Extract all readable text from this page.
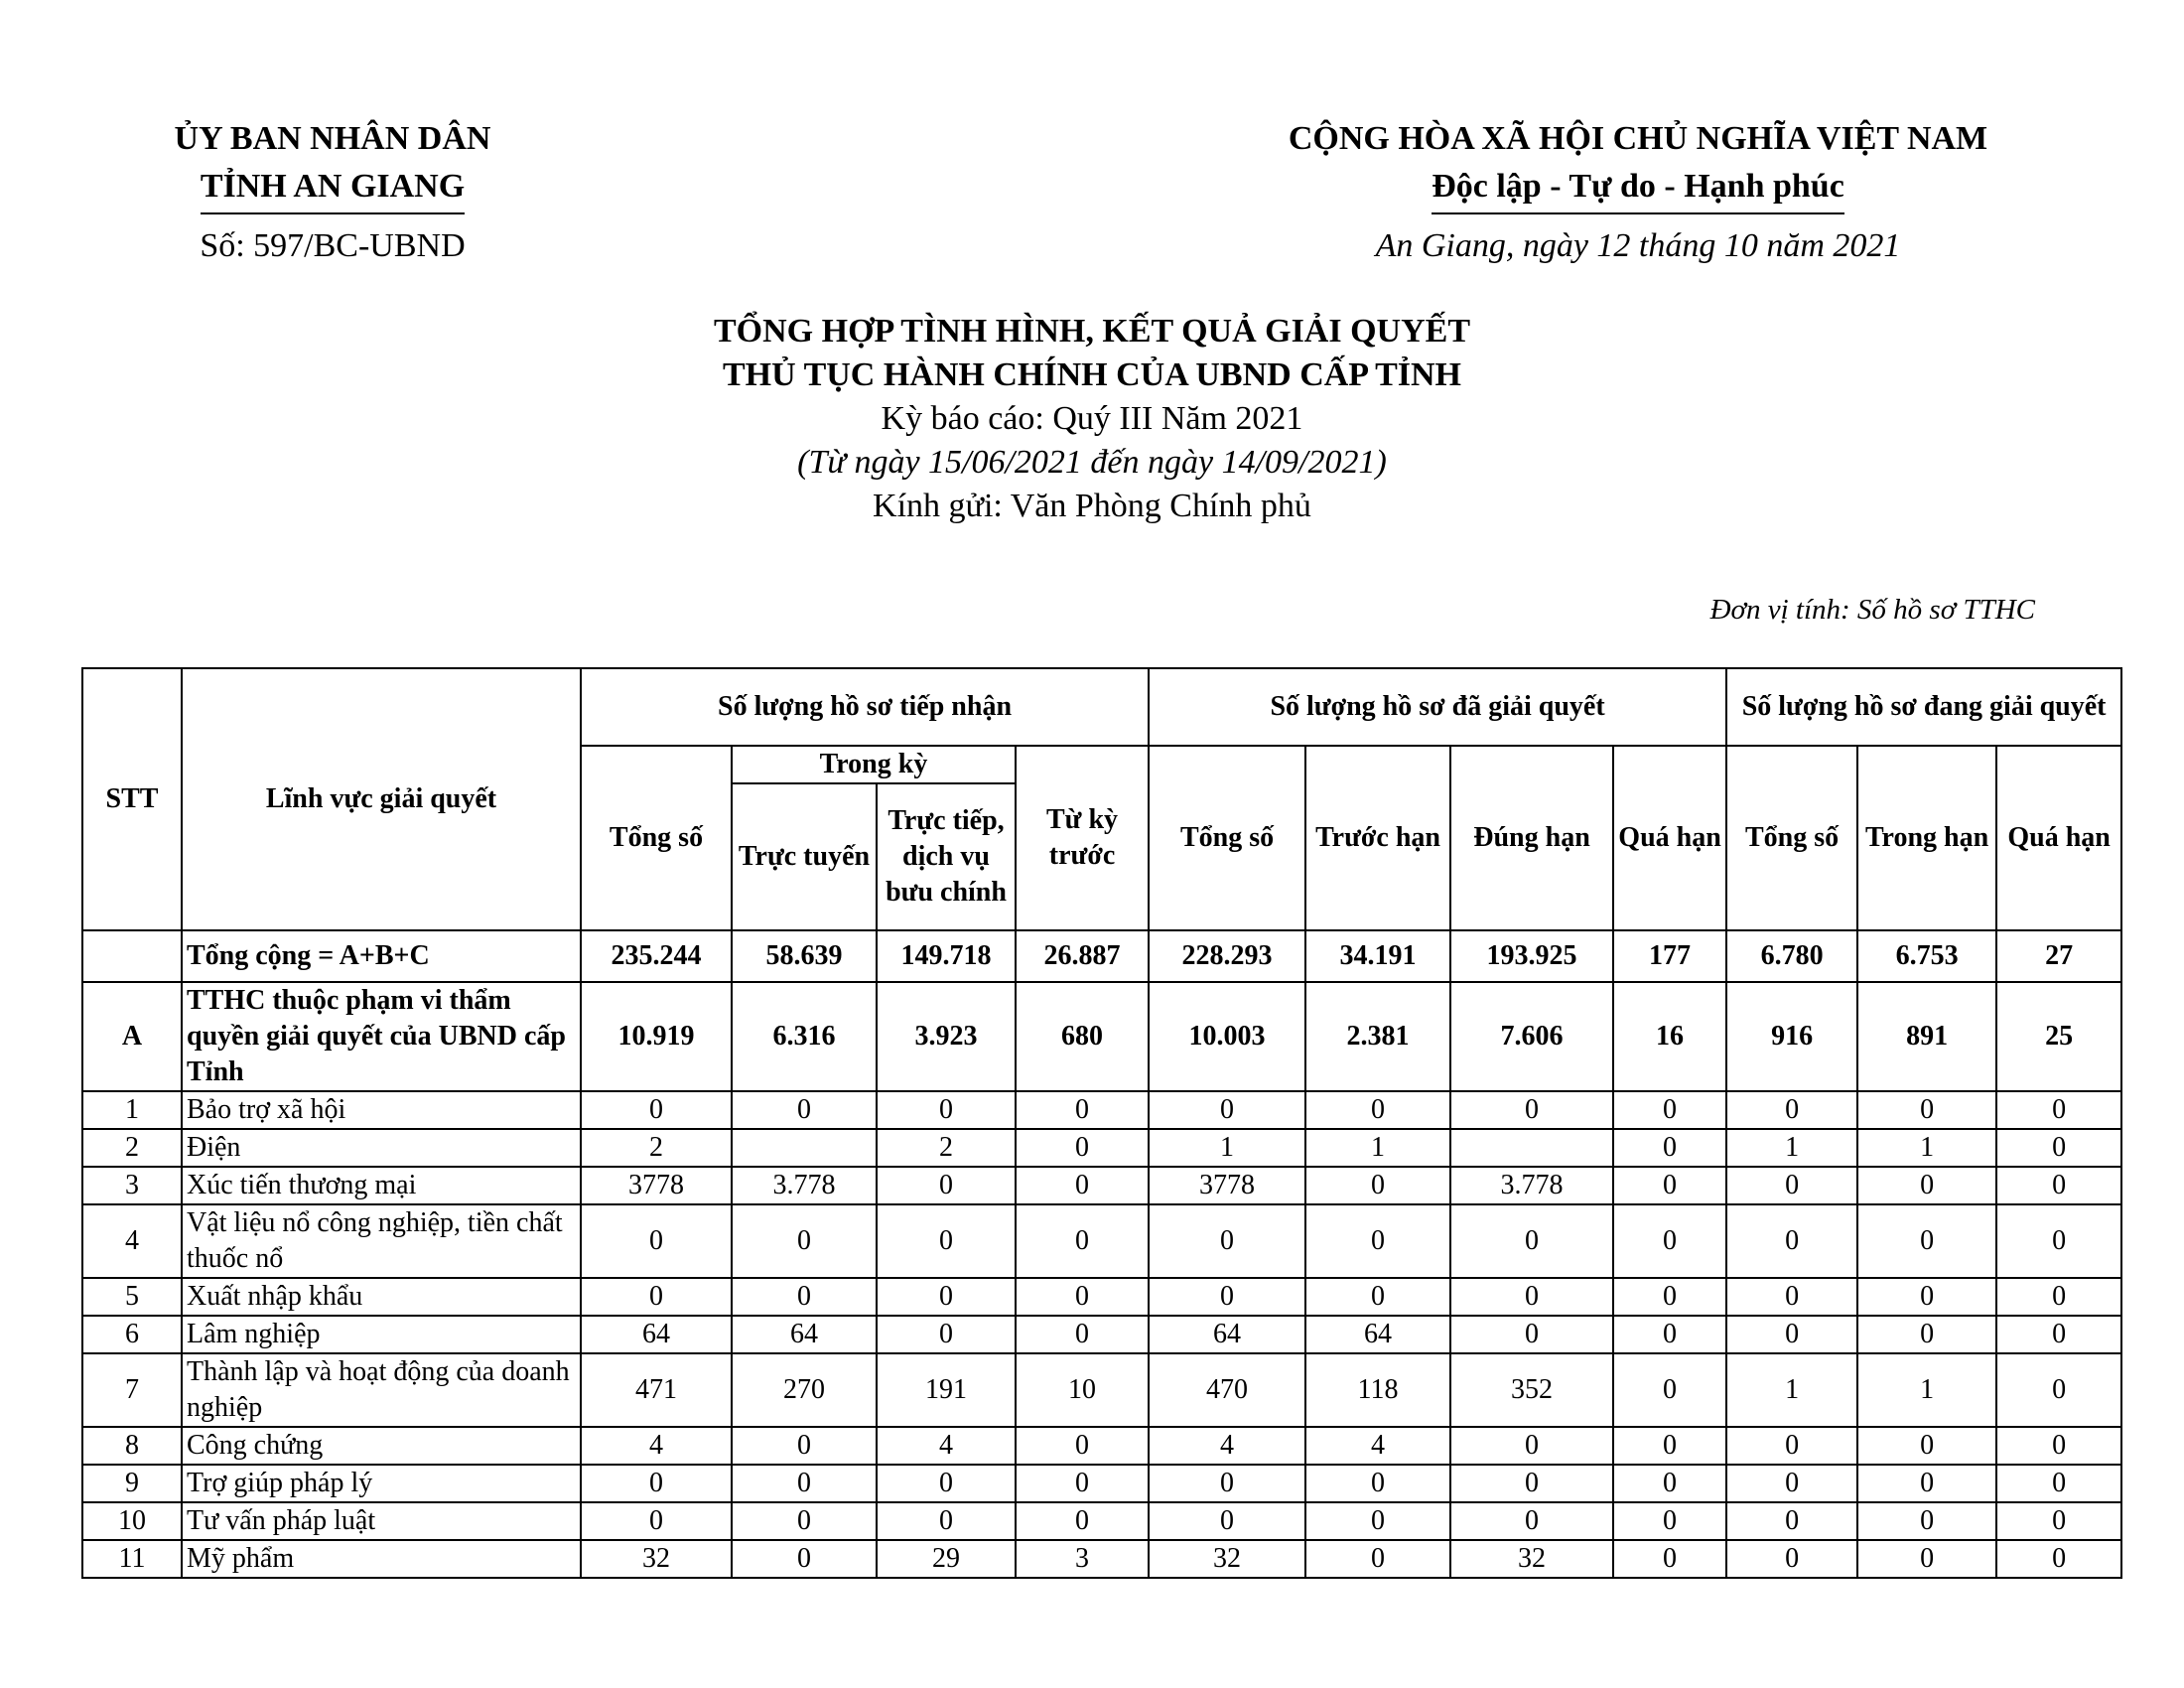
ỦY BAN NHÂN DÂN
TỈNH AN GIANG
Số: 597/BC-UBND
CỘNG HÒA XÃ HỘI CHỦ NGHĨA VIỆT NAM
Độc lập - Tự do - Hạnh phúc
An Giang, ngày 12 tháng 10 năm 2021
TỔNG HỢP TÌNH HÌNH, KẾT QUẢ GIẢI QUYẾT
THỦ TỤC HÀNH CHÍNH CỦA UBND CẤP TỈNH
Kỳ báo cáo: Quý III Năm 2021
(Từ ngày 15/06/2021 đến ngày 14/09/2021)
Kính gửi: Văn Phòng Chính phủ
Đơn vị tính: Số hồ sơ TTHC
STT	Lĩnh vực giải quyết	Số lượng hồ sơ tiếp nhận				Số lượng hồ sơ đã giải quyết				Số lượng hồ sơ đang giải quyết		
		Tổng số	Trong kỳ		Từ kỳ trước	Tổng số	Trước hạn	Đúng hạn	Quá hạn	Tổng số	Trong hạn	Quá hạn
			Trực tuyến	Trực tiếp, dịch vụ bưu chính								
	Tổng cộng = A+B+C	235.244	58.639	149.718	26.887	228.293	34.191	193.925	177	6.780	6.753	27
A	TTHC thuộc phạm vi thẩm quyền giải quyết của UBND cấp Tỉnh	10.919	6.316	3.923	680	10.003	2.381	7.606	16	916	891	25
1	Bảo trợ xã hội	0	0	0	0	0	0	0	0	0	0	0
2	Điện	2		2	0	1	1		0	1	1	0
3	Xúc tiến thương mại	3778	3.778	0	0	3778	0	3.778	0	0	0	0
4	Vật liệu nổ công nghiệp, tiền chất thuốc nổ	0	0	0	0	0	0	0	0	0	0	0
5	Xuất nhập khẩu	0	0	0	0	0	0	0	0	0	0	0
6	Lâm nghiệp	64	64	0	0	64	64	0	0	0	0	0
7	Thành lập và hoạt động của doanh nghiệp	471	270	191	10	470	118	352	0	1	1	0
8	Công chứng	4	0	4	0	4	4	0	0	0	0	0
9	Trợ giúp pháp lý	0	0	0	0	0	0	0	0	0	0	0
10	Tư vấn pháp luật	0	0	0	0	0	0	0	0	0	0	0
11	Mỹ phẩm	32	0	29	3	32	0	32	0	0	0	0
